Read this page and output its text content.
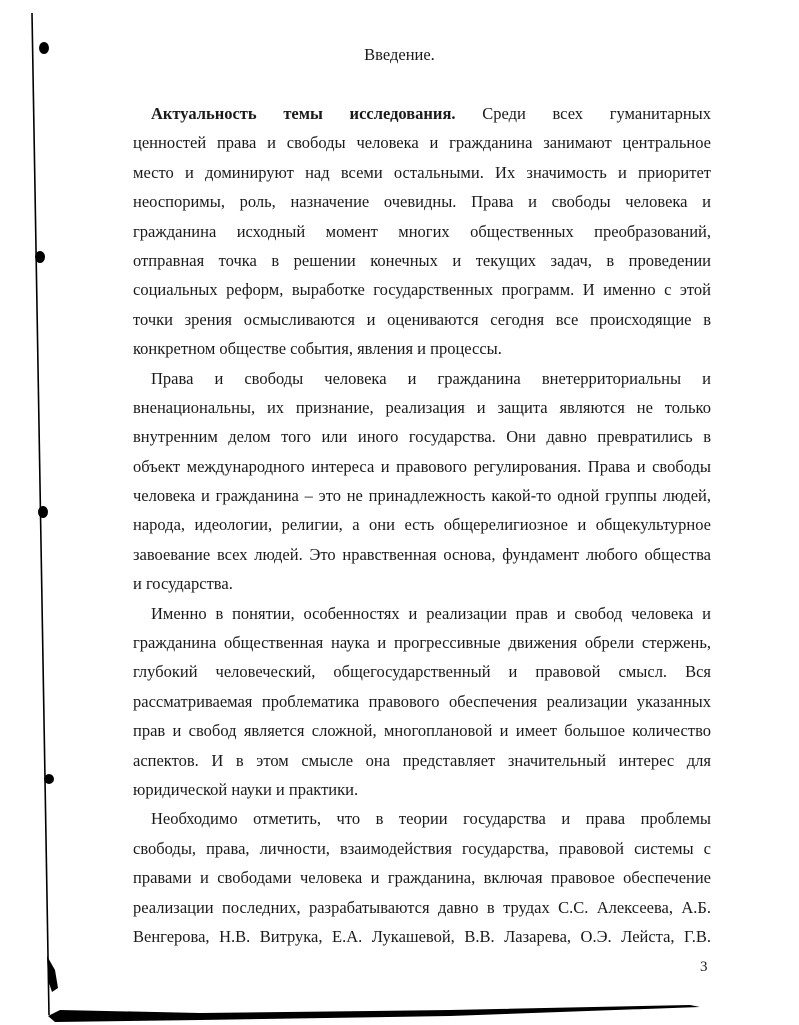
Введение.
Актуальность темы исследования. Среди всех гуманитарных
ценностей права и свободы человека и гражданина занимают центральное
место и доминируют над всеми остальными. Их значимость и приоритет
неоспоримы, роль, назначение очевидны. Права и свободы человека и
гражданина исходный момент многих общественных преобразований,
отправная точка в решении конечных и текущих задач, в проведении
социальных реформ, выработке государственных программ. И именно с этой
точки зрения осмысливаются и оцениваются сегодня все происходящие в
конкретном обществе события, явления и процессы.
Права и свободы человека и гражданина внетерриториальны и
вненациональны, их признание, реализация и защита являются не только
внутренним делом того или иного государства. Они давно превратились в
объект международного интереса и правового регулирования. Права и свободы
человека и гражданина – это не принадлежность какой-то одной группы людей,
народа, идеологии, религии, а они есть общерелигиозное и общекультурное
завоевание всех людей. Это нравственная основа, фундамент любого общества
и государства.
Именно в понятии, особенностях и реализации прав и свобод человека и
гражданина общественная наука и прогрессивные движения обрели стержень,
глубокий человеческий, общегосударственный и правовой смысл. Вся
рассматриваемая проблематика правового обеспечения реализации указанных
прав и свобод является сложной, многоплановой и имеет большое количество
аспектов. И в этом смысле она представляет значительный интерес для
юридической науки и практики.
Необходимо отметить, что в теории государства и права проблемы
свободы, права, личности, взаимодействия государства, правовой системы с
правами и свободами человека и гражданина, включая правовое обеспечение
реализации последних, разрабатываются давно в трудах С.С. Алексеева, А.Б.
Венгерова, Н.В. Витрука, Е.А. Лукашевой, В.В. Лазарева, О.Э. Лейста, Г.В.
3
